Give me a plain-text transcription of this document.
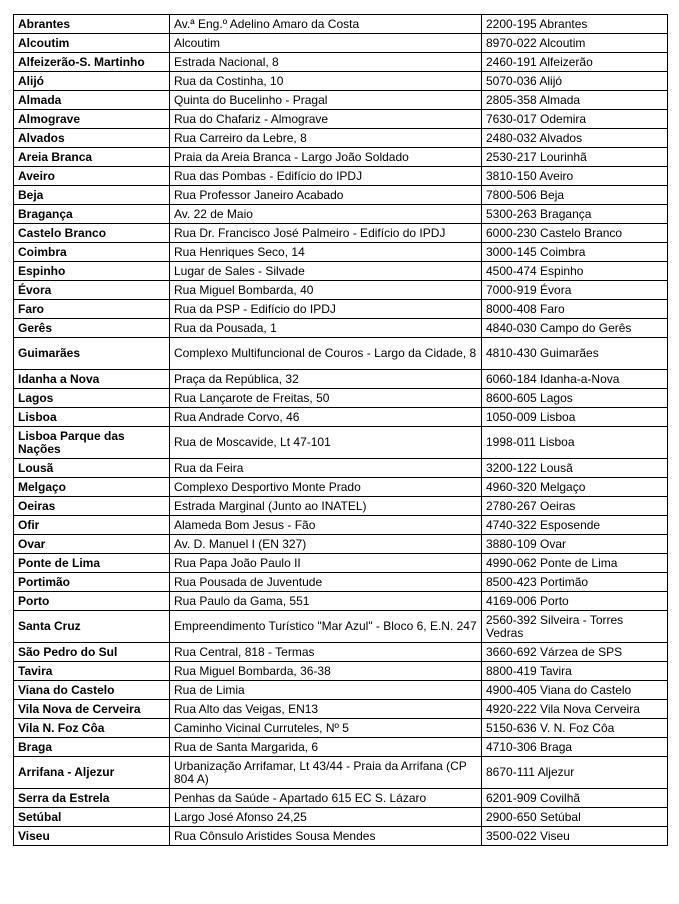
Abrantes	Av.ª Eng.º Adelino Amaro da Costa	2200-195 Abrantes
Alcoutim	Alcoutim	8970-022 Alcoutim
Alfeizerão-S. Martinho	Estrada Nacional, 8	2460-191 Alfeizerão
Alijó	Rua da Costinha, 10	5070-036 Alijó
Almada	Quinta do Bucelinho - Pragal	2805-358 Almada
Almograve	Rua do Chafariz - Almograve	7630-017 Odemira
Alvados	Rua Carreiro da Lebre, 8	2480-032 Alvados
Areia Branca	Praia da Areia Branca - Largo João Soldado	2530-217 Lourinhã
Aveiro	Rua das Pombas - Edifício do IPDJ	3810-150 Aveiro
Beja	Rua Professor Janeiro Acabado	7800-506 Beja
Bragança	Av. 22 de Maio	5300-263 Bragança
Castelo Branco	Rua Dr. Francisco José Palmeiro - Edifício do IPDJ	6000-230 Castelo Branco
Coimbra	Rua Henriques Seco, 14	3000-145 Coimbra
Espinho	Lugar de Sales - Silvade	4500-474 Espinho
Évora	Rua Miguel Bombarda, 40	7000-919 Évora
Faro	Rua da PSP - Edifício do IPDJ	8000-408 Faro
Gerês	Rua da Pousada, 1	4840-030 Campo do Gerês
Guimarães	Complexo Multifuncional de Couros - Largo da Cidade, 8	4810-430 Guimarães
Idanha a Nova	Praça da República, 32	6060-184 Idanha-a-Nova
Lagos	Rua Lançarote de Freitas, 50	8600-605 Lagos
Lisboa	Rua Andrade Corvo, 46	1050-009 Lisboa
Lisboa Parque das Nações	Rua de Moscavide, Lt 47-101	1998-011 Lisboa
Lousã	Rua da Feira	3200-122 Lousã
Melgaço	Complexo Desportivo Monte Prado	4960-320 Melgaço
Oeiras	Estrada Marginal (Junto ao INATEL)	2780-267 Oeiras
Ofir	Alameda Bom Jesus - Fão	4740-322 Esposende
Ovar	Av. D. Manuel I (EN 327)	3880-109 Ovar
Ponte de Lima	Rua Papa João Paulo II	4990-062 Ponte de Lima
Portimão	Rua Pousada de Juventude	8500-423 Portimão
Porto	Rua Paulo da Gama, 551	4169-006 Porto
Santa Cruz	Empreendimento Turístico "Mar Azul" - Bloco 6, E.N. 247	2560-392 Silveira - Torres Vedras
São Pedro do Sul	Rua Central, 818 - Termas	3660-692 Várzea de SPS
Tavira	Rua Miguel Bombarda, 36-38	8800-419 Tavira
Viana do Castelo	Rua de Limia	4900-405 Viana do Castelo
Vila Nova de Cerveira	Rua Alto das Veigas, EN13	4920-222 Vila Nova Cerveira
Vila N. Foz Côa	Caminho Vicinal Curruteles, Nº 5	5150-636 V. N. Foz Côa
Braga	Rua de Santa Margarida, 6	4710-306 Braga
Arrifana - Aljezur	Urbanização Arrifamar, Lt 43/44 - Praia da Arrifana (CP 804 A)	8670-111 Aljezur
Serra da Estrela	Penhas da Saúde - Apartado 615 EC S. Lázaro	6201-909 Covilhã
Setúbal	Largo José Afonso 24,25	2900-650 Setúbal
Viseu	Rua Cônsulo Aristides Sousa Mendes	3500-022 Viseu
